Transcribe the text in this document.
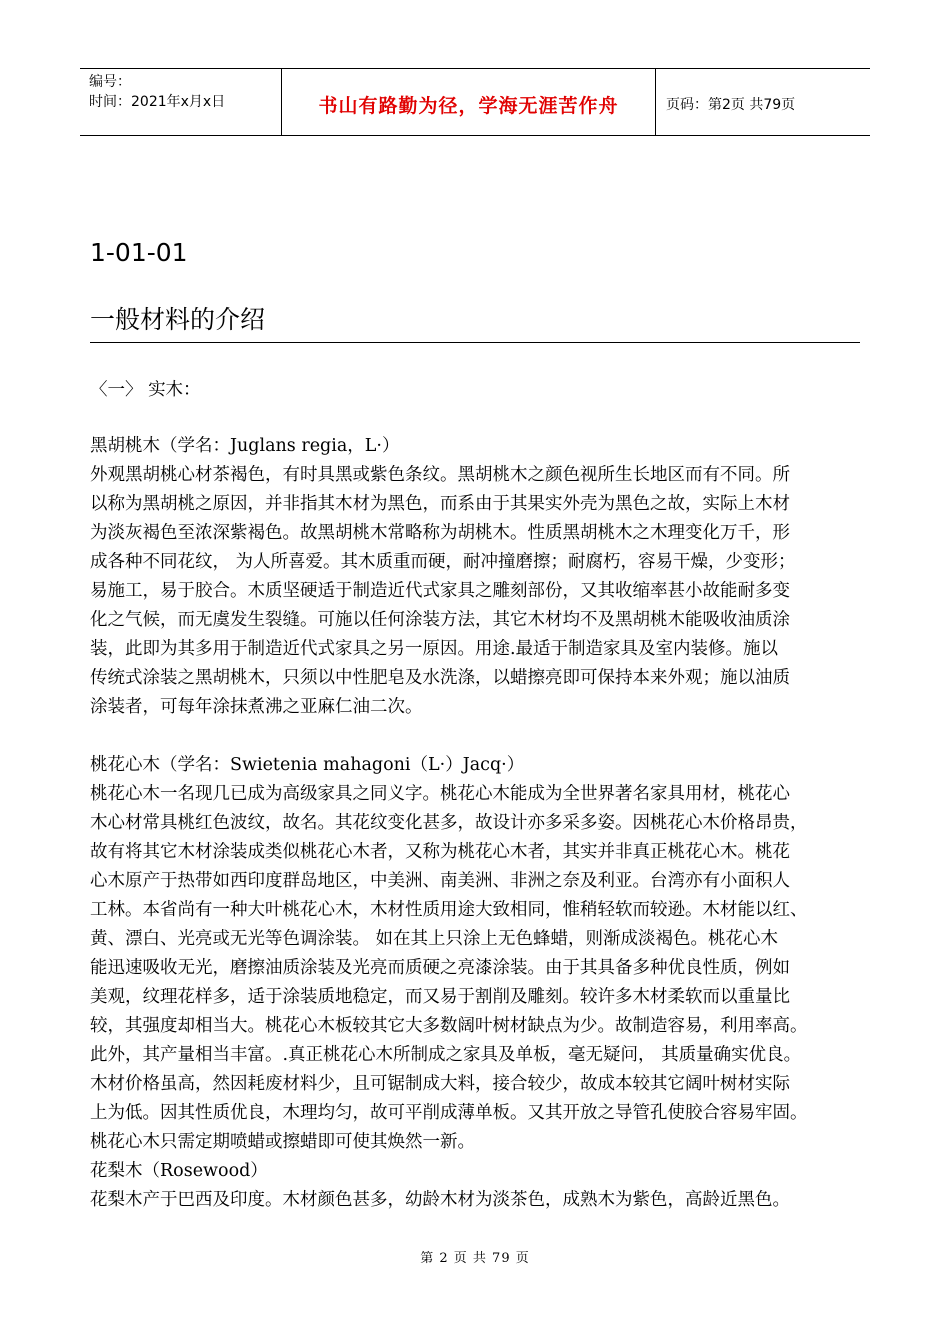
编号：
时间：2021年x月x日	书山有路勤为径，学海无涯苦作舟	页码：第2页 共79页
1-01-01
一般材料的介绍
〈一〉 实木：

黑胡桃木（学名：Juglans regia，L·）

外观黑胡桃心材茶褐色，有时具黑或紫色条纹。黑胡桃木之颜色视所生长地区而有不同。所

以称为黑胡桃之原因，并非指其木材为黑色，而系由于其果实外壳为黑色之故，实际上木材

为淡灰褐色至浓深紫褐色。故黑胡桃木常略称为胡桃木。性质黑胡桃木之木理变化万千，形

成各种不同花纹， 为人所喜爱。其木质重而硬，耐冲撞磨擦；耐腐朽，容易干燥，少变形；

易施工，易于胶合。木质坚硬适于制造近代式家具之雕刻部份，又其收缩率甚小故能耐多变

化之气候，而无虞发生裂缝。可施以任何涂装方法，其它木材均不及黑胡桃木能吸收油质涂

装，此即为其多用于制造近代式家具之另一原因。用途.最适于制造家具及室内装修。施以

传统式涂装之黑胡桃木，只须以中性肥皂及水洗涤，以蜡擦亮即可保持本来外观；施以油质

涂装者，可每年涂抹煮沸之亚麻仁油二次。

桃花心木（学名：Swietenia mahagoni（L·）Jacq·）

桃花心木一名现几已成为高级家具之同义字。桃花心木能成为全世界著名家具用材，桃花心

木心材常具桃红色波纹，故名。其花纹变化甚多，故设计亦多采多姿。因桃花心木价格昂贵，

故有将其它木材涂装成类似桃花心木者，又称为桃花心木者，其实并非真正桃花心木。桃花

心木原产于热带如西印度群岛地区，中美洲、南美洲、非洲之奈及利亚。台湾亦有小面积人

工林。本省尚有一种大叶桃花心木，木材性质用途大致相同，惟稍轻软而较逊。木材能以红、

黄、漂白、光亮或无光等色调涂装。 如在其上只涂上无色蜂蜡，则渐成淡褐色。桃花心木

能迅速吸收无光，磨擦油质涂装及光亮而质硬之亮漆涂装。由于其具备多种优良性质，例如

美观，纹理花样多，适于涂装质地稳定，而又易于割削及雕刻。较许多木材柔软而以重量比

较，其强度却相当大。桃花心木板较其它大多数阔叶树材缺点为少。故制造容易，利用率高。

此外，其产量相当丰富。.真正桃花心木所制成之家具及单板，毫无疑问， 其质量确实优良。

木材价格虽高，然因耗废材料少，且可锯制成大料，接合较少，故成本较其它阔叶树材实际

上为低。因其性质优良，木理均匀，故可平削成薄单板。又其开放之导管孔使胶合容易牢固。

桃花心木只需定期喷蜡或擦蜡即可使其焕然一新。

花梨木（Rosewood）

花梨木产于巴西及印度。木材颜色甚多，幼龄木材为淡茶色，成熟木为紫色，高龄近黑色。

第 2 页 共 79 页
